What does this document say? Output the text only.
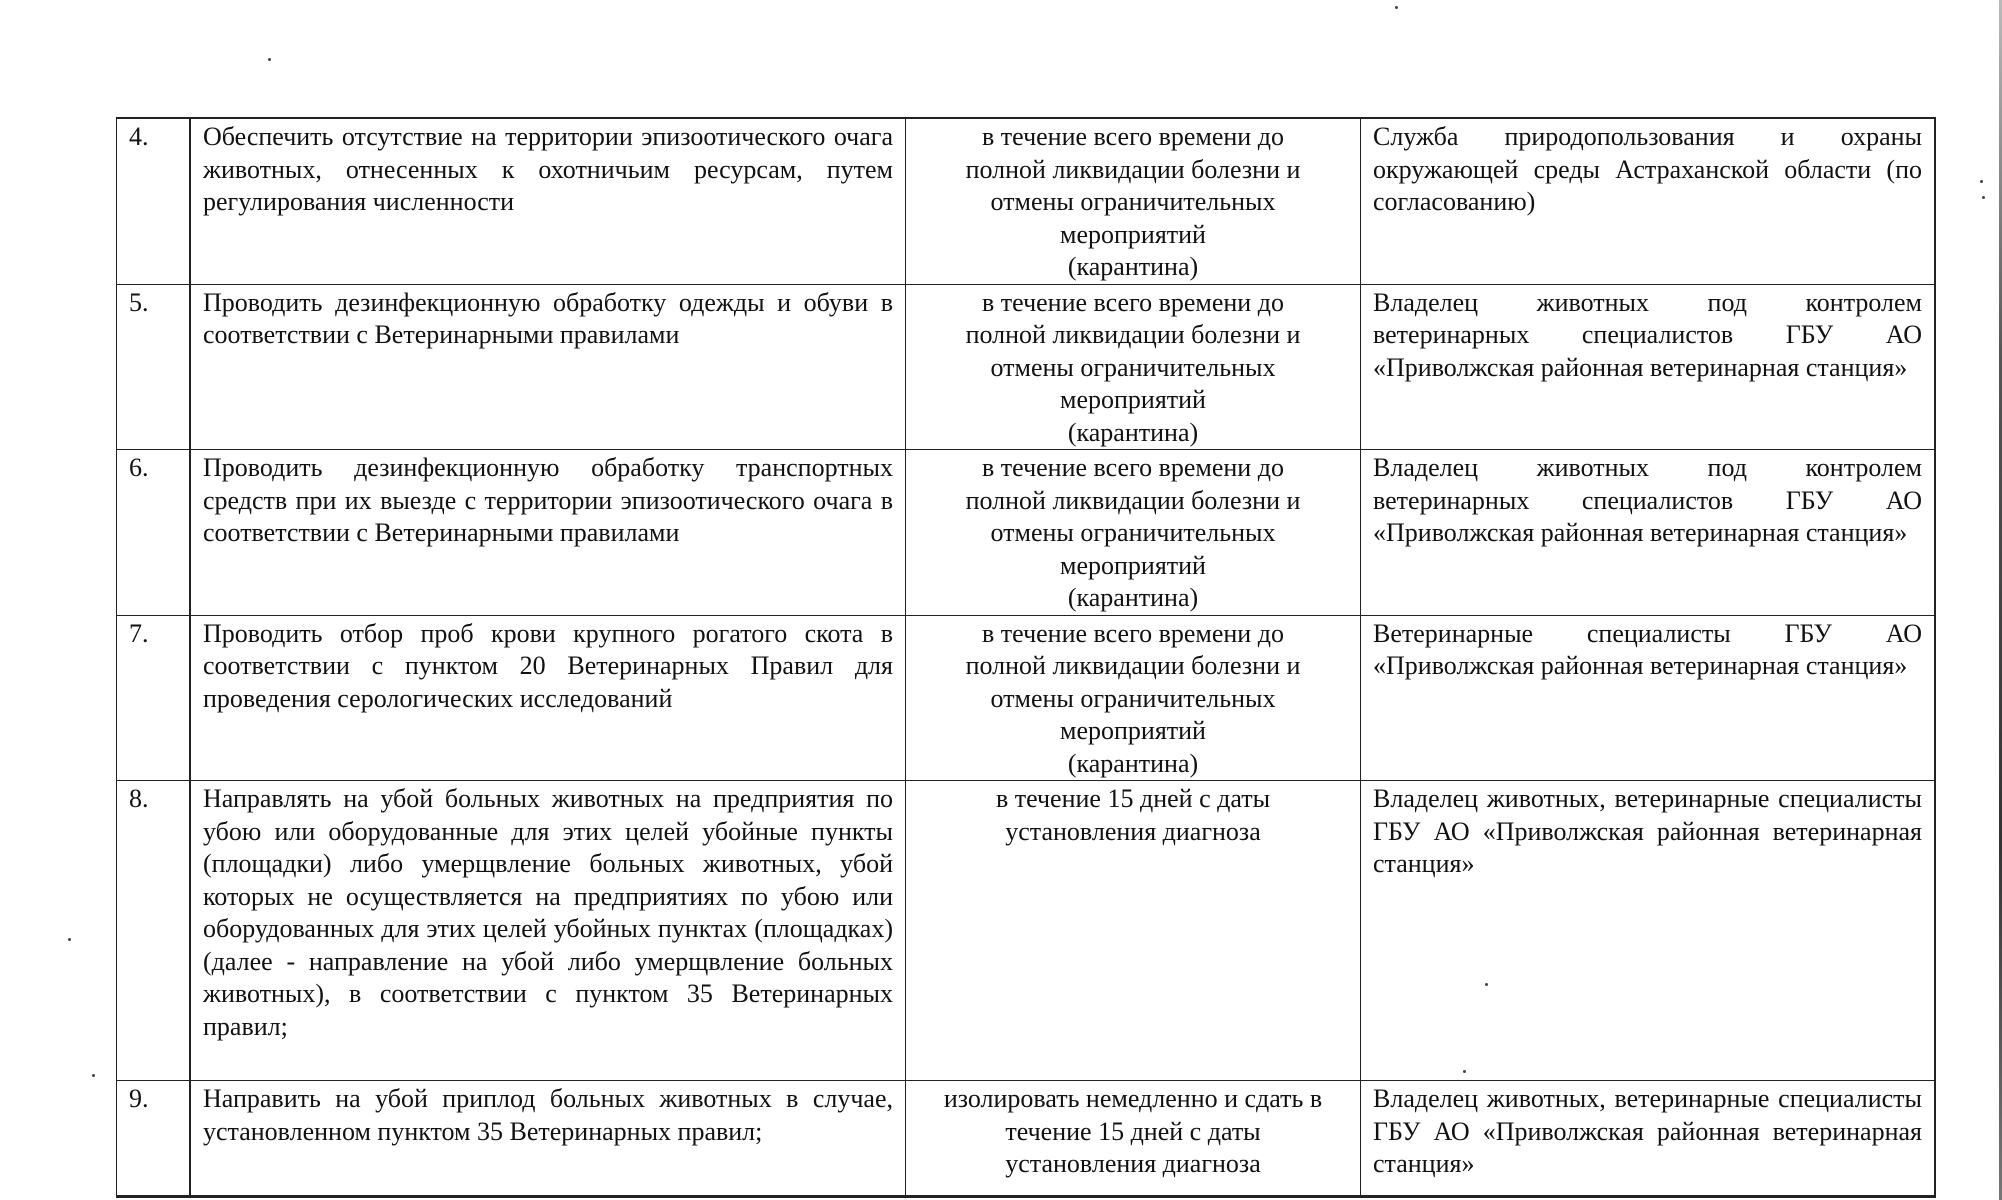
4.	Обеспечить отсутствие на территории эпизоотического очага животных, отнесенных к охотничьим ресурсам, путем регулирования численности	в течение всего времени до
полной ликвидации болезни и
отмены ограничительных
мероприятий
(карантина)	Служба природопользования и охраны окружающей среды Астраханской области (по согласованию)

5.	Проводить дезинфекционную обработку одежды и обуви в соответствии с Ветеринарными правилами	в течение всего времени до
полной ликвидации болезни и
отмены ограничительных
мероприятий
(карантина)	Владелец животных под контролем ветеринарных специалистов ГБУ АО «Приволжская районная ветеринарная станция»

6.	Проводить дезинфекционную обработку транспортных средств при их выезде с территории эпизоотического очага в соответствии с Ветеринарными правилами	в течение всего времени до
полной ликвидации болезни и
отмены ограничительных
мероприятий
(карантина)	Владелец животных под контролем ветеринарных специалистов ГБУ АО «Приволжская районная ветеринарная станция»

7.	Проводить отбор проб крови крупного рогатого скота в соответствии с пунктом 20 Ветеринарных Правил для проведения серологических исследований	в течение всего времени до
полной ликвидации болезни и
отмены ограничительных
мероприятий
(карантина)	Ветеринарные специалисты ГБУ АО «Приволжская районная ветеринарная станция»

8.	Направлять на убой больных животных на предприятия по убою или оборудованные для этих целей убойные пункты (площадки) либо умерщвление больных животных, убой которых не осуществляется на предприятиях по убою или оборудованных для этих целей убойных пунктах (площадках) (далее - направление на убой либо умерщвление больных животных), в соответствии с пунктом 35 Ветеринарных правил;	в течение 15 дней с даты
установления диагноза	Владелец животных, ветеринарные специалисты ГБУ АО «Приволжская районная ветеринарная станция»

9.	Направить на убой приплод больных животных в случае, установленном пунктом 35 Ветеринарных правил;	изолировать немедленно и сдать в
течение 15 дней с даты
установления диагноза	Владелец животных, ветеринарные специалисты ГБУ АО «Приволжская районная ветеринарная станция»
